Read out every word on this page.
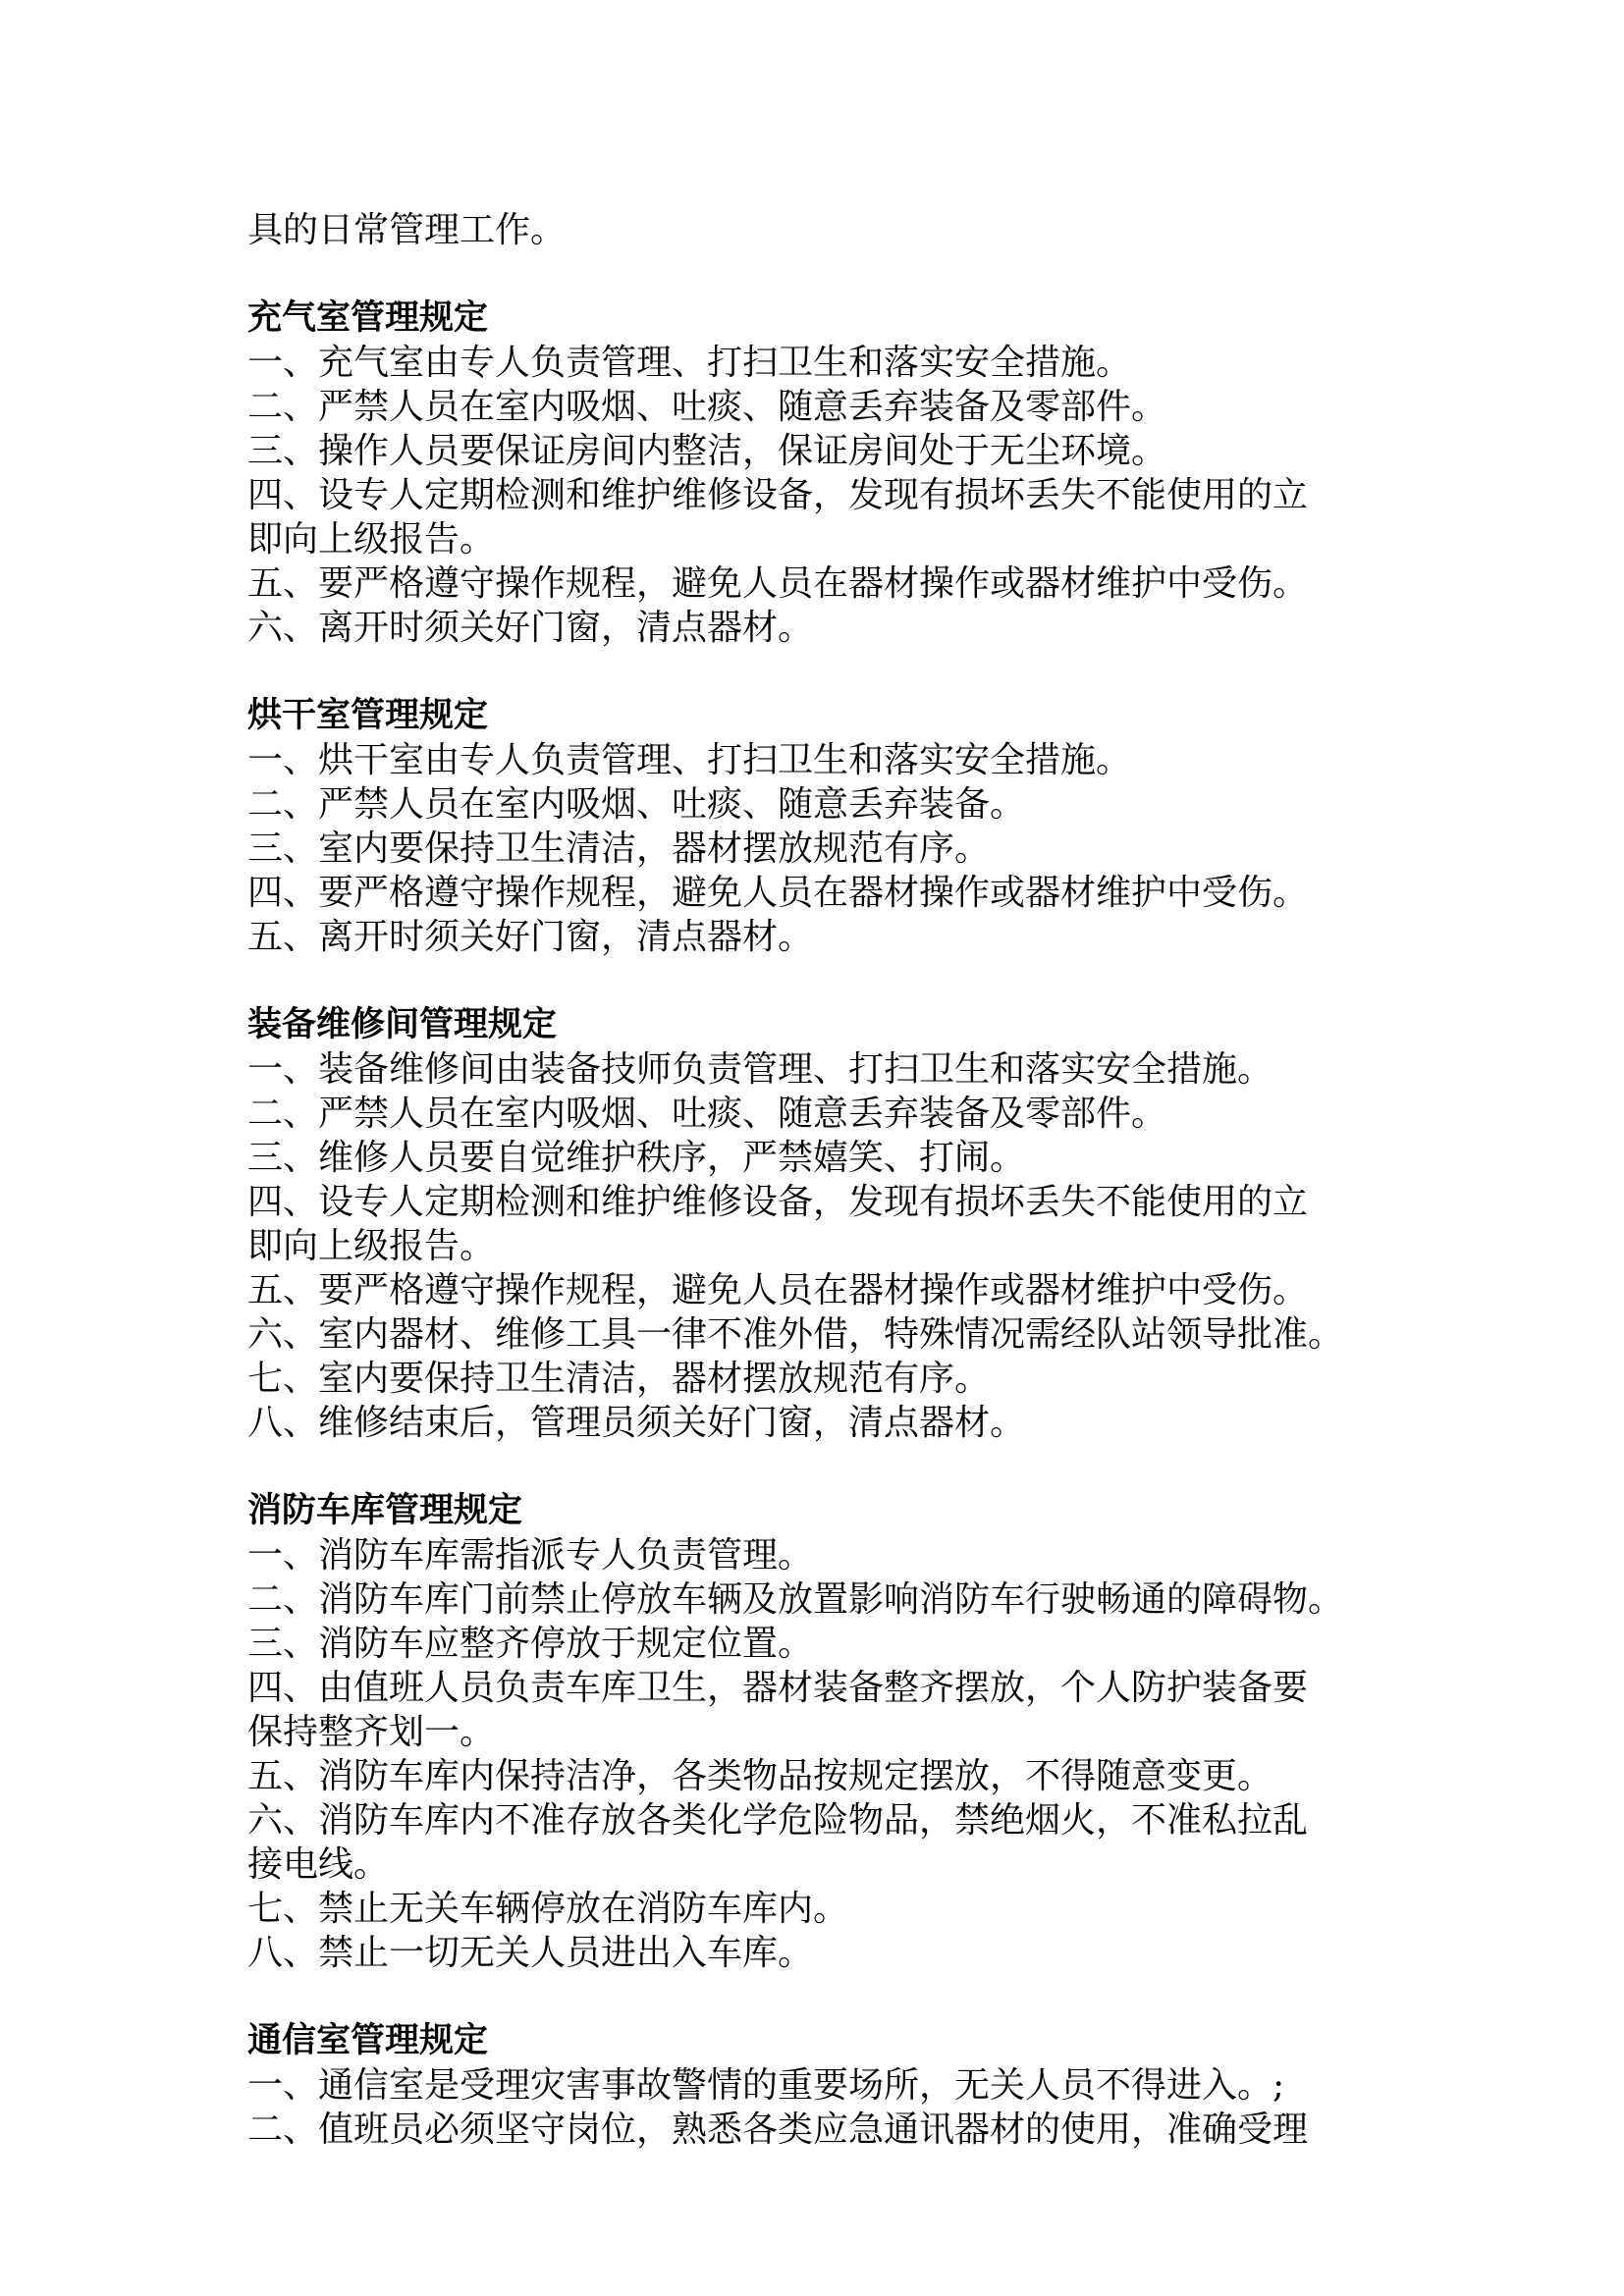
具的日常管理工作。

充气室管理规定

一、充气室由专人负责管理、打扫卫生和落实安全措施。

二、严禁人员在室内吸烟、吐痰、随意丢弃装备及零部件。

三、操作人员要保证房间内整洁，保证房间处于无尘环境。

四、设专人定期检测和维护维修设备，发现有损坏丢失不能使用的立

即向上级报告。

五、要严格遵守操作规程，避免人员在器材操作或器材维护中受伤。

六、离开时须关好门窗，清点器材。

烘干室管理规定

一、烘干室由专人负责管理、打扫卫生和落实安全措施。

二、严禁人员在室内吸烟、吐痰、随意丢弃装备。

三、室内要保持卫生清洁，器材摆放规范有序。

四、要严格遵守操作规程，避免人员在器材操作或器材维护中受伤。

五、离开时须关好门窗，清点器材。

装备维修间管理规定

一、装备维修间由装备技师负责管理、打扫卫生和落实安全措施。

二、严禁人员在室内吸烟、吐痰、随意丢弃装备及零部件。

三、维修人员要自觉维护秩序，严禁嬉笑、打闹。

四、设专人定期检测和维护维修设备，发现有损坏丢失不能使用的立

即向上级报告。

五、要严格遵守操作规程，避免人员在器材操作或器材维护中受伤。

六、室内器材、维修工具一律不准外借，特殊情况需经队站领导批准。

七、室内要保持卫生清洁，器材摆放规范有序。

八、维修结束后，管理员须关好门窗，清点器材。

消防车库管理规定

一、消防车库需指派专人负责管理。

二、消防车库门前禁止停放车辆及放置影响消防车行驶畅通的障碍物。

三、消防车应整齐停放于规定位置。

四、由值班人员负责车库卫生，器材装备整齐摆放，个人防护装备要

保持整齐划一。

五、消防车库内保持洁净，各类物品按规定摆放，不得随意变更。

六、消防车库内不准存放各类化学危险物品，禁绝烟火，不准私拉乱

接电线。

七、禁止无关车辆停放在消防车库内。

八、禁止一切无关人员进出入车库。

通信室管理规定

一、通信室是受理灾害事故警情的重要场所，无关人员不得进入。;

二、值班员必须坚守岗位，熟悉各类应急通讯器材的使用，准确受理
